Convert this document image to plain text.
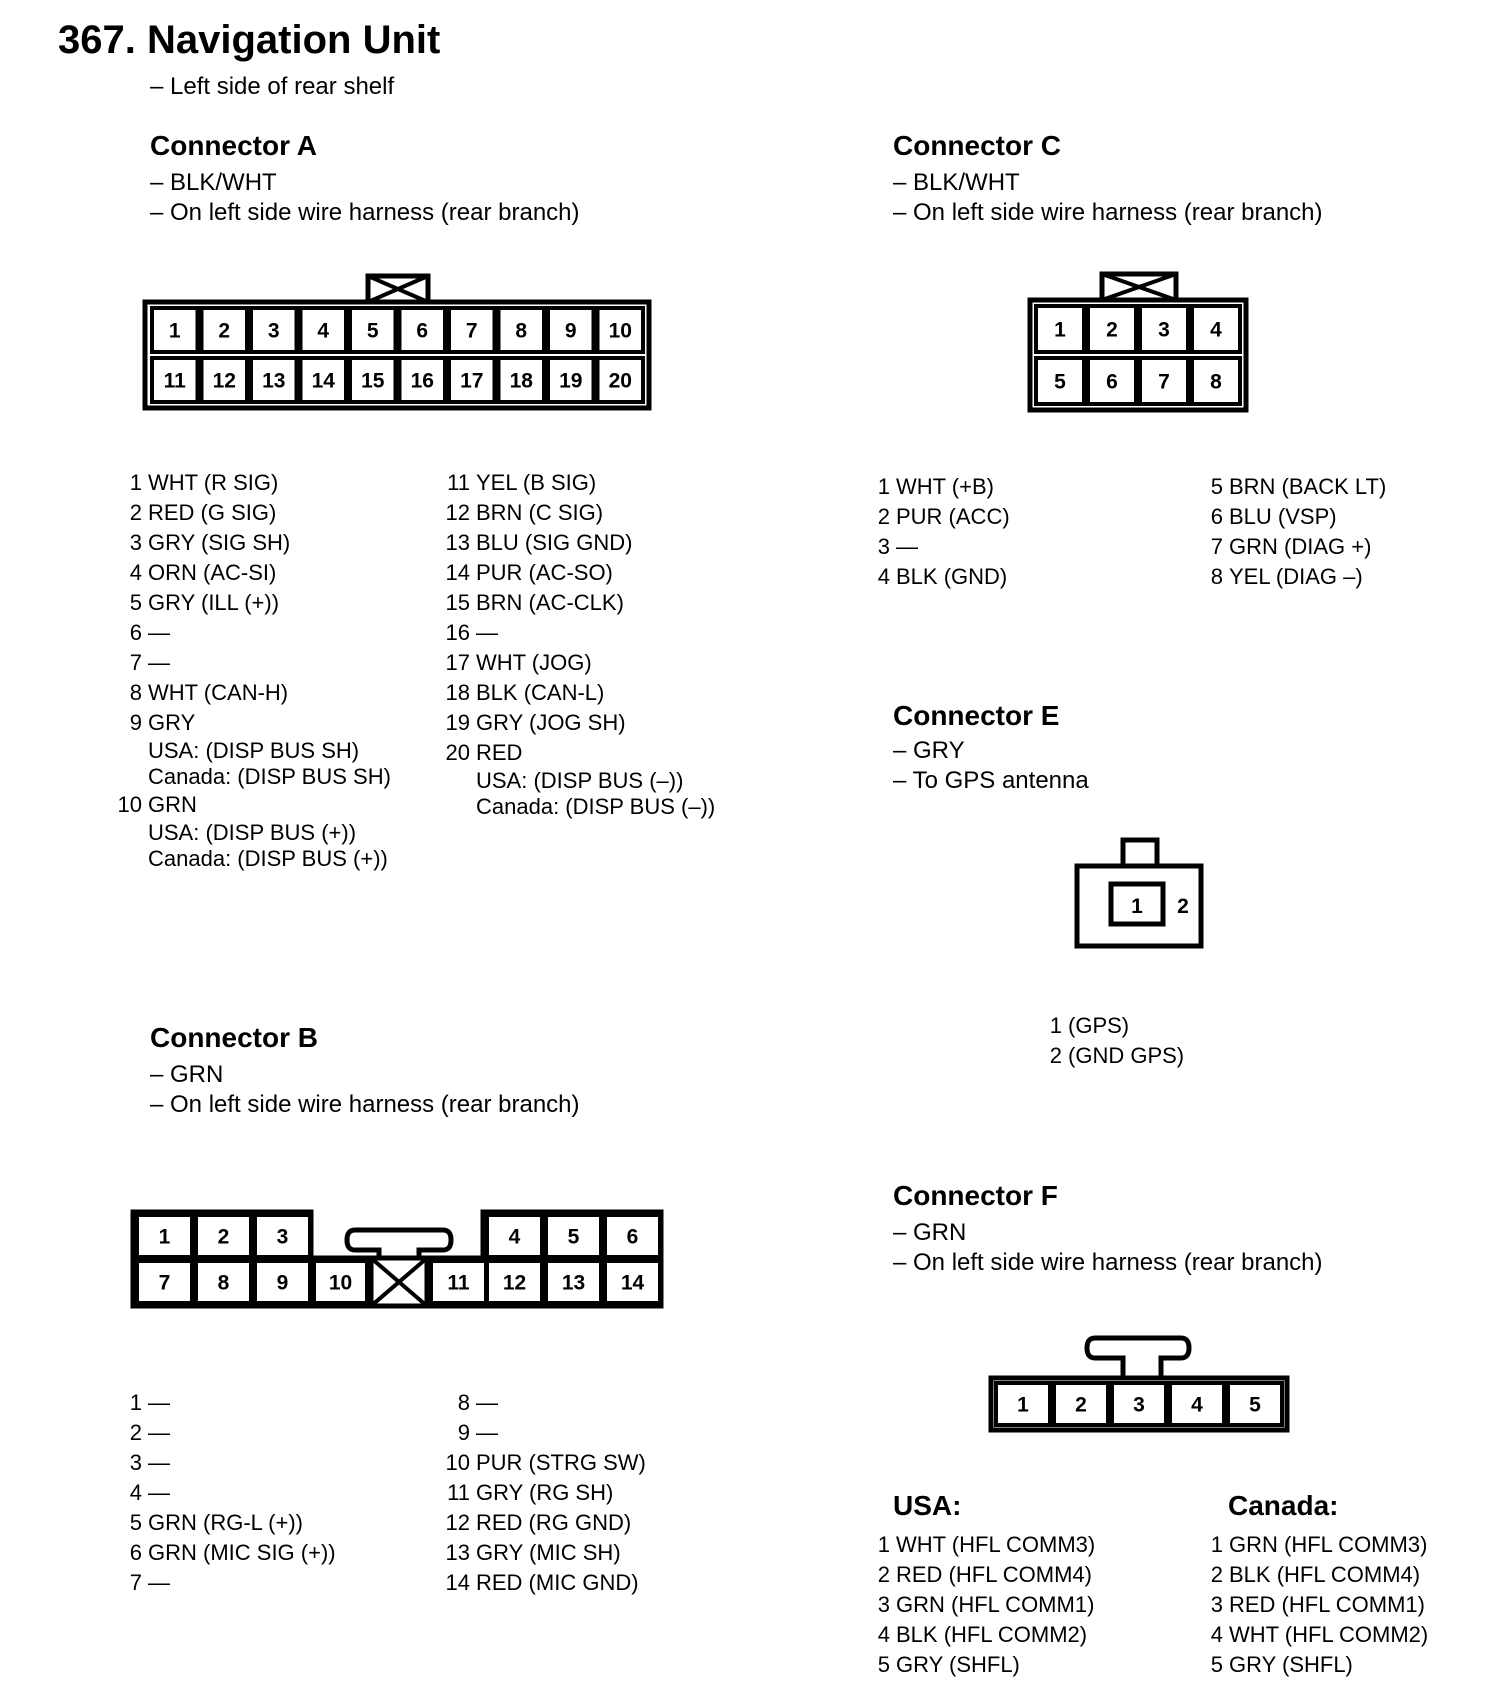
367. Navigation Unit
– Left side of rear shelf
Connector A
– BLK/WHT
– On left side wire harness (rear branch)
1 2 3 4 5 6 7 8 9 10
11 12 13 14 15 16 17 18 19 20
1 WHT (R SIG)
2 RED (G SIG)
3 GRY (SIG SH)
4 ORN (AC-SI)
5 GRY (ILL (+))
6 —
7 —
8 WHT (CAN-H)
9 GRY
USA: (DISP BUS SH)
Canada: (DISP BUS SH)
10 GRN
USA: (DISP BUS (+))
Canada: (DISP BUS (+))
11 YEL (B SIG)
12 BRN (C SIG)
13 BLU (SIG GND)
14 PUR (AC-SO)
15 BRN (AC-CLK)
16 —
17 WHT (JOG)
18 BLK (CAN-L)
19 GRY (JOG SH)
20 RED
USA: (DISP BUS (–))
Canada: (DISP BUS (–))
Connector C
– BLK/WHT
– On left side wire harness (rear branch)
1 2 3 4
5 6 7 8
1 WHT (+B)
2 PUR (ACC)
3 —
4 BLK (GND)
5 BRN (BACK LT)
6 BLU (VSP)
7 GRN (DIAG +)
8 YEL (DIAG –)
Connector E
– GRY
– To GPS antenna
1 2
1 (GPS)
2 (GND GPS)
Connector B
– GRN
– On left side wire harness (rear branch)
1 2 3	4 5 6
7 8 9 10	11 12 13 14
1 —
2 —
3 —
4 —
5 GRN (RG-L (+))
6 GRN (MIC SIG (+))
7 —
8 —
9 —
10 PUR (STRG SW)
11 GRY (RG SH)
12 RED (RG GND)
13 GRY (MIC SH)
14 RED (MIC GND)
Connector F
– GRN
– On left side wire harness (rear branch)
1 2 3 4 5
USA:	Canada:
1 WHT (HFL COMM3)
2 RED (HFL COMM4)
3 GRN (HFL COMM1)
4 BLK (HFL COMM2)
5 GRY (SHFL)
1 GRN (HFL COMM3)
2 BLK (HFL COMM4)
3 RED (HFL COMM1)
4 WHT (HFL COMM2)
5 GRY (SHFL)
